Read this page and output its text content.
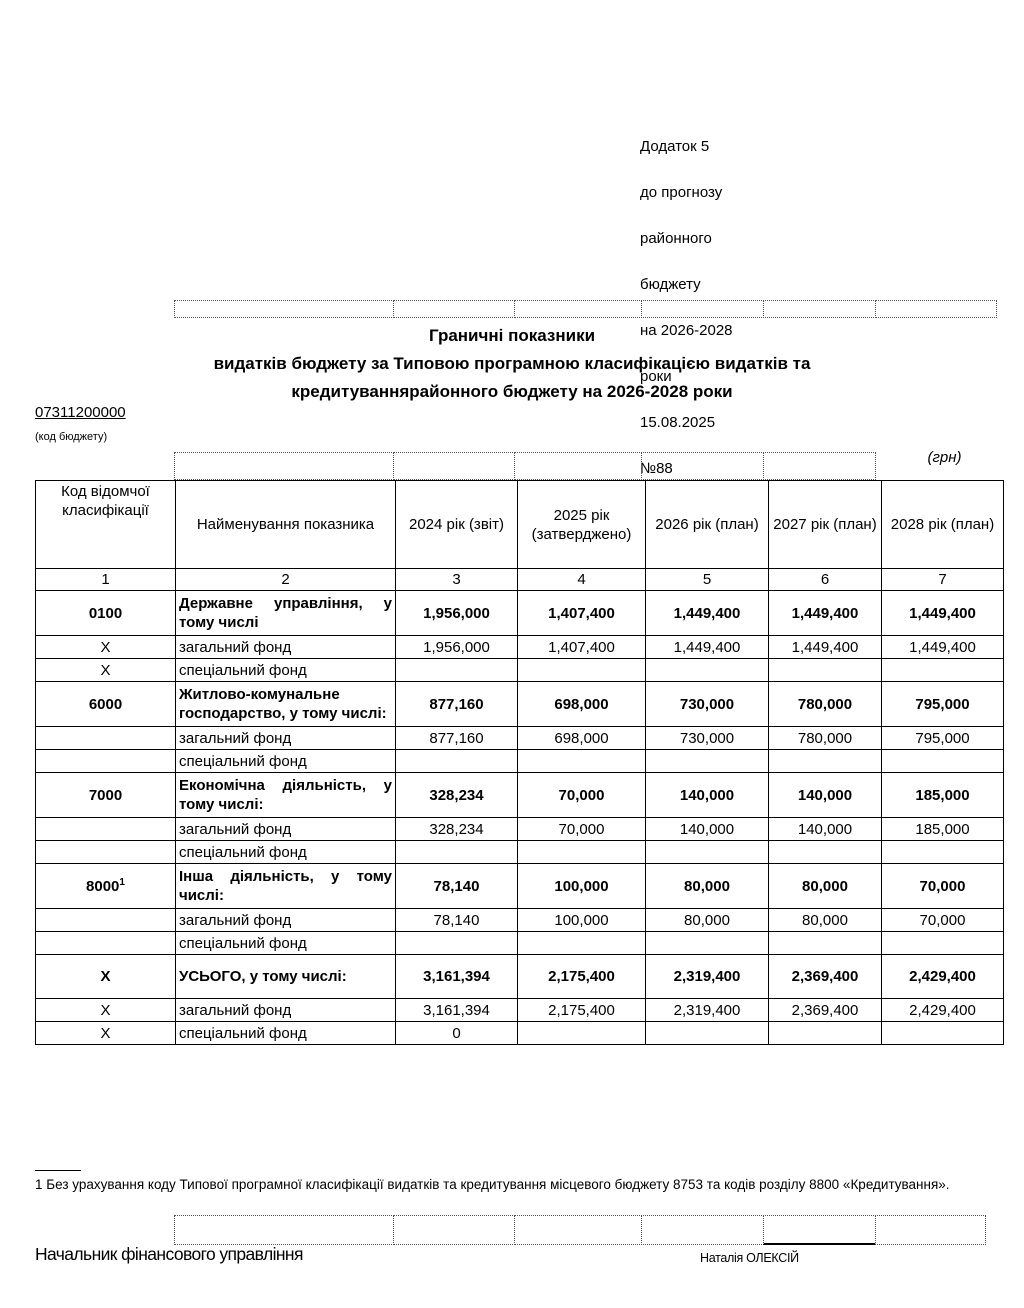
Додаток 5

до прогнозу

районного

бюджету

на 2026-2028

роки

15.08.2025

№88

Граничні показники
видатків бюджету за Типовою програмною класифікацією видатків та
кредитуваннярайонного бюджету на 2026-2028 роки
07311200000
(код бюджету)
(грн)
Код відомчої класифікації	Найменування показника	2024 рік (звіт)	2025 рік (затверджено)	2026 рік (план)	2027 рік (план)	2028 рік (план)
1	2	3	4	5	6	7
0100	Державне управління, у тому числі	1,956,000	1,407,400	1,449,400	1,449,400	1,449,400
X	загальний фонд	1,956,000	1,407,400	1,449,400	1,449,400	1,449,400
X	спеціальний фонд					
6000	Житлово-комунальне господарство, у тому числі:	877,160	698,000	730,000	780,000	795,000
	загальний фонд	877,160	698,000	730,000	780,000	795,000
	спеціальний фонд					
7000	Економічна діяльність, у тому числі:	328,234	70,000	140,000	140,000	185,000
	загальний фонд	328,234	70,000	140,000	140,000	185,000
	спеціальний фонд					
8000$^1$	Інша діяльність, у тому числі:	78,140	100,000	80,000	80,000	70,000
	загальний фонд	78,140	100,000	80,000	80,000	70,000
	спеціальний фонд					
X	УСЬОГО, у тому числі:	3,161,394	2,175,400	2,319,400	2,369,400	2,429,400
X	загальний фонд	3,161,394	2,175,400	2,319,400	2,369,400	2,429,400
X	спеціальний фонд	0				
1 Без урахування коду Типової програмної класифікації видатків та кредитування місцевого бюджету 8753 та кодів розділу 8800 «Кредитування».
Начальник фінансового управління	Наталія ОЛЕКСІЙ
